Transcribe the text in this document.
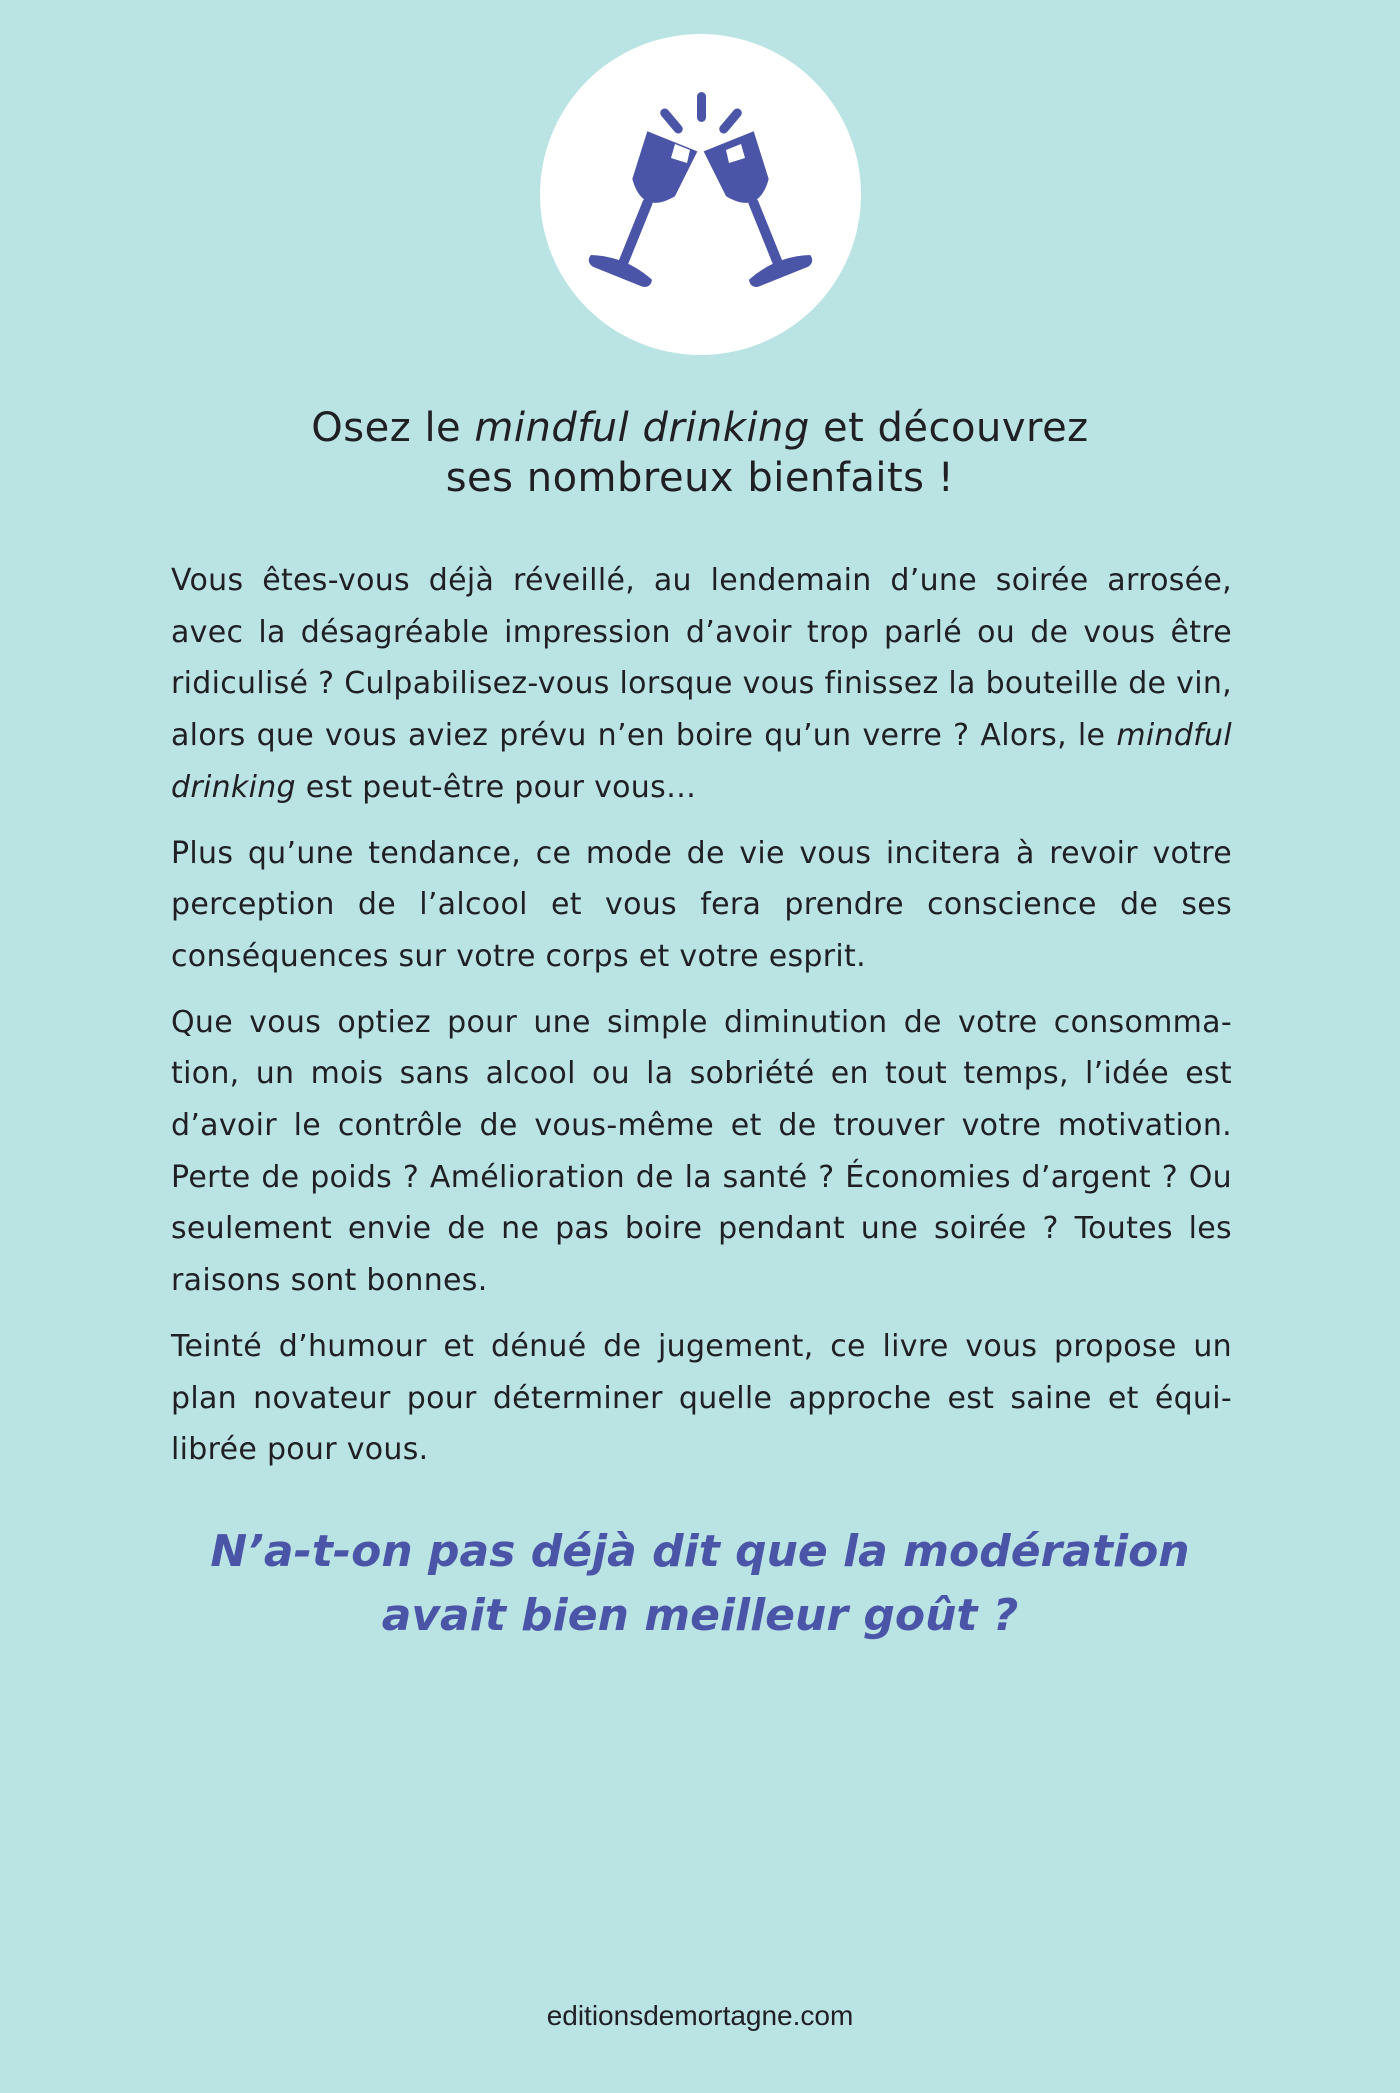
Osez le mindful drinking et découvrez
ses nombreux bienfaits !

Vous êtes-vous déjà réveillé, au lendemain d’une soirée arrosée, avec la désagréable impression d’avoir trop parlé ou de vous être ridiculisé ? Culpabilisez-vous lorsque vous finissez la bouteille de vin, alors que vous aviez prévu n’en boire qu’un verre ? Alors, le mindful drinking est peut-être pour vous…

Plus qu’une tendance, ce mode de vie vous incitera à revoir votre perception de l’alcool et vous fera prendre conscience de ses conséquences sur votre corps et votre esprit.

Que vous optiez pour une simple diminution de votre consomma-tion, un mois sans alcool ou la sobriété en tout temps, l’idée est d’avoir le contrôle de vous-même et de trouver votre motivation. Perte de poids ? Amélioration de la santé ? Économies d’argent ? Ou seulement envie de ne pas boire pendant une soirée ? Toutes les raisons sont bonnes.

Teinté d’humour et dénué de jugement, ce livre vous propose un plan novateur pour déterminer quelle approche est saine et équi-librée pour vous.

N’a-t-on pas déjà dit que la modération
avait bien meilleur goût ?
editionsdemortagne.com
